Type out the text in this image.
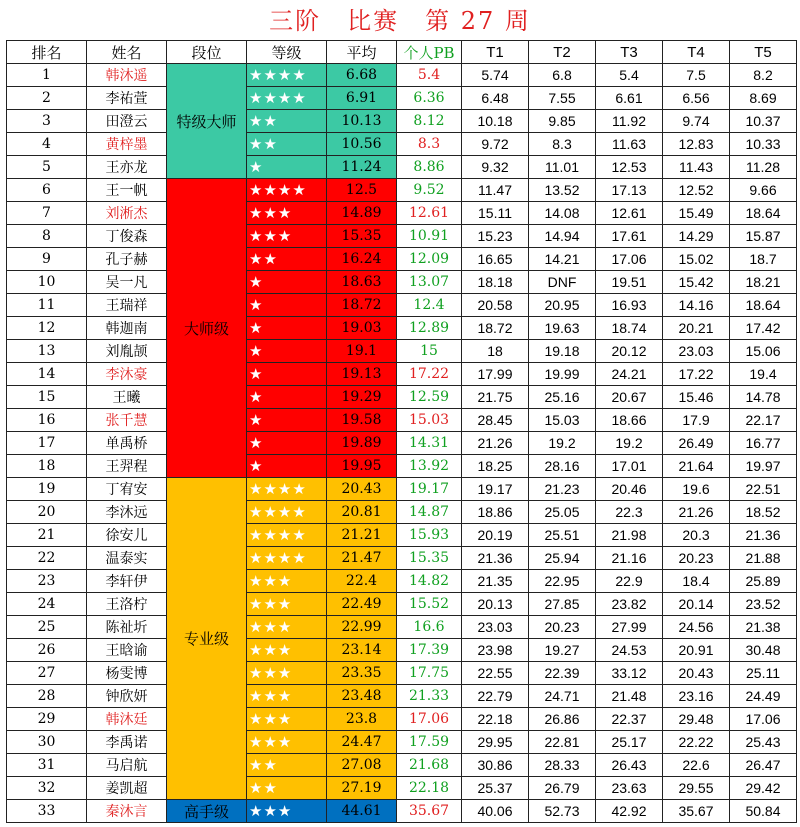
三阶　比赛　第 27 周
排名	姓名	段位	等级	平均	个人PB	T1	T2	T3	T4	T5
1	韩沐遥	特级大师	★★★★	6.68	5.4	5.74	6.8	5.4	7.5	8.2
2	李祐萱		★★★★	6.91	6.36	6.48	7.55	6.61	6.56	8.69
3	田澄云		★★	10.13	8.12	10.18	9.85	11.92	9.74	10.37
4	黄梓墨		★★	10.56	8.3	9.72	8.3	11.63	12.83	10.33
5	王亦龙		★	11.24	8.86	9.32	11.01	12.53	11.43	11.28
6	王一帆	大师级	★★★★	12.5	9.52	11.47	13.52	17.13	12.52	9.66
7	刘淅杰		★★★	14.89	12.61	15.11	14.08	12.61	15.49	18.64
8	丁俊森		★★★	15.35	10.91	15.23	14.94	17.61	14.29	15.87
9	孔子赫		★★	16.24	12.09	16.65	14.21	17.06	15.02	18.7
10	吴一凡		★	18.63	13.07	18.18	DNF	19.51	15.42	18.21
11	王瑞祥		★	18.72	12.4	20.58	20.95	16.93	14.16	18.64
12	韩迦南		★	19.03	12.89	18.72	19.63	18.74	20.21	17.42
13	刘胤颉		★	19.1	15	18	19.18	20.12	23.03	15.06
14	李沐豪		★	19.13	17.22	17.99	19.99	24.21	17.22	19.4
15	王曦		★	19.29	12.59	21.75	25.16	20.67	15.46	14.78
16	张千慧		★	19.58	15.03	28.45	15.03	18.66	17.9	22.17
17	单禹桥		★	19.89	14.31	21.26	19.2	19.2	26.49	16.77
18	王羿程		★	19.95	13.92	18.25	28.16	17.01	21.64	19.97
19	丁宥安	专业级	★★★★	20.43	19.17	19.17	21.23	20.46	19.6	22.51
20	李沐远		★★★★	20.81	14.87	18.86	25.05	22.3	21.26	18.52
21	徐安儿		★★★★	21.21	15.93	20.19	25.51	21.98	20.3	21.36
22	温泰实		★★★★	21.47	15.35	21.36	25.94	21.16	20.23	21.88
23	李轩伊		★★★	22.4	14.82	21.35	22.95	22.9	18.4	25.89
24	王洛柠		★★★	22.49	15.52	20.13	27.85	23.82	20.14	23.52
25	陈祉圻		★★★	22.99	16.6	23.03	20.23	27.99	24.56	21.38
26	王晗谕		★★★	23.14	17.39	23.98	19.27	24.53	20.91	30.48
27	杨雯博		★★★	23.35	17.75	22.55	22.39	33.12	20.43	25.11
28	钟欣妍		★★★	23.48	21.33	22.79	24.71	21.48	23.16	24.49
29	韩沐廷		★★★	23.8	17.06	22.18	26.86	22.37	29.48	17.06
30	李禹诺		★★★	24.47	17.59	29.95	22.81	25.17	22.22	25.43
31	马启航		★★	27.08	21.68	30.86	28.33	26.43	22.6	26.47
32	姜凯超		★★	27.19	22.18	25.37	26.79	23.63	29.55	29.42
33	秦沐言	高手级	★★★	44.61	35.67	40.06	52.73	42.92	35.67	50.84
